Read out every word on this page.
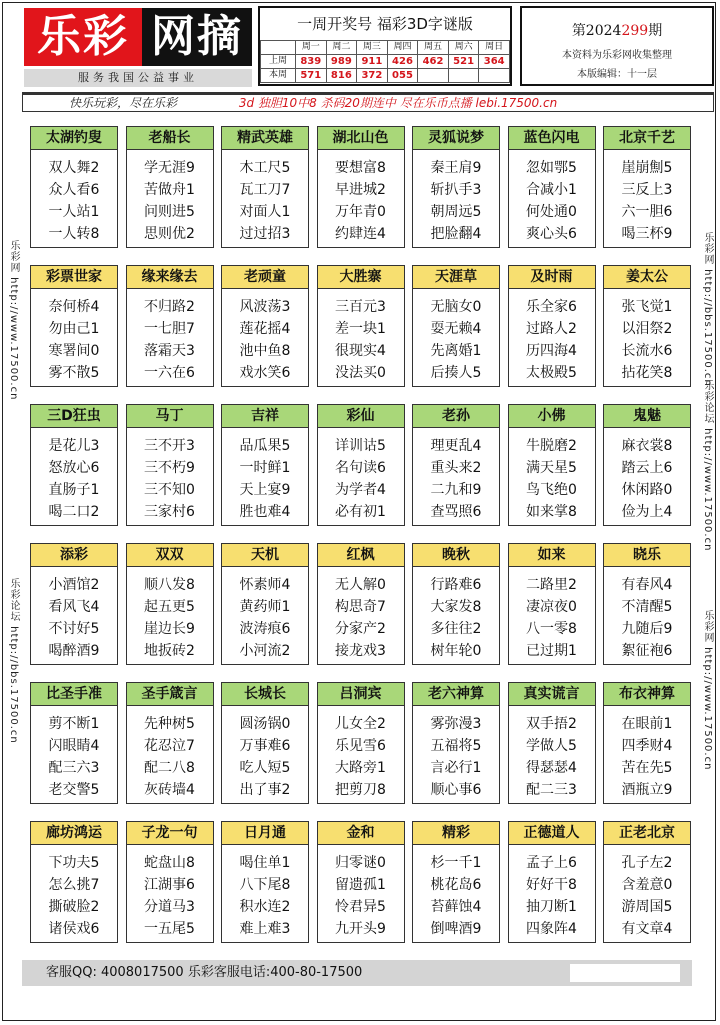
乐彩 网摘
服务我国公益事业
一周开奖号 福彩3D字谜版
	周一	周二	周三	周四	周五	周六	周日
上周	839	989	911	426	462	521	364
本周	571	816	372	055			
第2024299期
本资料为乐彩网收集整理
本版编辑：十一层
快乐玩彩，尽在乐彩	3d 独胆10中8 杀码20期连中 尽在乐币点播 lebi.17500.cn
乐彩网 http://www.17500.cn
乐彩论坛 http://bbs.17500.cn
乐彩网 http://bbs.17500.cn
乐彩论坛 http://www.17500.cn
乐彩网 http://www.17500.cn
太湖钓叟
双人舞2
众人看6
一人站1
一人转8
老船长
学无涯9
苦做舟1
问则进5
思则优2
精武英雄
木工尺5
瓦工刀7
对面人1
过过招3
湖北山色
要想富8
早进城2
万年青0
约肆连4
灵狐说梦
秦王肩9
斩扒手3
朝周远5
把脸翻4
蓝色闪电
忽如鄂5
合减小1
何处通0
爽心头6
北京千艺
崖崩劁5
三反上3
六一胆6
喝三杯9
彩票世家
奈何桥4
勿由己1
寒署间0
雾不散5
缘来缘去
不归路2
一七胆7
落霜天3
一六在6
老顽童
风波荡3
莲花摇4
池中鱼8
戏水笑6
大胜寨
三百元3
差一块1
很现实4
没法买0
天涯草
无脑女0
耍无赖4
先离婚1
后揍人5
及时雨
乐全家6
过路人2
历四海4
太极殿5
姜太公
张飞觉1
以泪祭2
长流水6
拈花笑8
三D狂虫
是花儿3
怒放心6
直肠子1
喝二口2
马丁
三不开3
三不朽9
三不知0
三家村6
吉祥
品瓜果5
一时鲜1
天上宴9
胜也难4
彩仙
详训诂5
名句读6
为学者4
必有初1
老孙
理更乱4
重头来2
二九和9
查骂照6
小佛
牛脱磨2
满天星5
鸟飞绝0
如来掌8
鬼魅
麻衣裳8
踏云上6
休闲路0
俭为上4
添彩
小酒馆2
看风飞4
不讨好5
喝醉酒9
双双
顺八发8
起五更5
崖边长9
地扳砖2
天机
怀素师4
黄药师1
波涛痕6
小河流2
红枫
无人解0
构思奇7
分家产2
接龙戏3
晚秋
行路难6
大家发8
多往往2
树年轮0
如来
二路里2
凄凉夜0
八一零8
已过期1
晓乐
有春风4
不清醒5
九随后9
絮征袍6
比圣手准
剪不断1
闪眼睛4
配三六3
老交警5
圣手箴言
先种树5
花忍泣7
配二八8
灰砖墙4
长城长
圆汤锅0
万事难6
吃人短5
出了事2
吕洞宾
儿女全2
乐见雪6
大路旁1
把剪刀8
老六神算
雾弥漫3
五福将5
言必行1
顺心事6
真实谎言
双手捂2
学做人5
得瑟瑟4
配二三3
布衣神算
在眼前1
四季财4
苦在先5
酒瓶立9
廊坊鸿运
下功夫5
怎么挑7
撕破脸2
诸侯戏6
子龙一句
蛇盘山8
江湖事6
分道马3
一五尾5
日月通
喝住单1
八下尾8
积水连2
难上难3
金和
归零谜0
留遗孤1
怜君异5
九开头9
精彩
杉一千1
桃花岛6
苔藓蚀4
倒啤酒9
正德道人
孟子上6
好好干8
抽刀断1
四象阵4
正老北京
孔子左2
含羞意0
游周国5
有文章4
客服QQ: 4008017500 乐彩客服电话:400-80-17500
